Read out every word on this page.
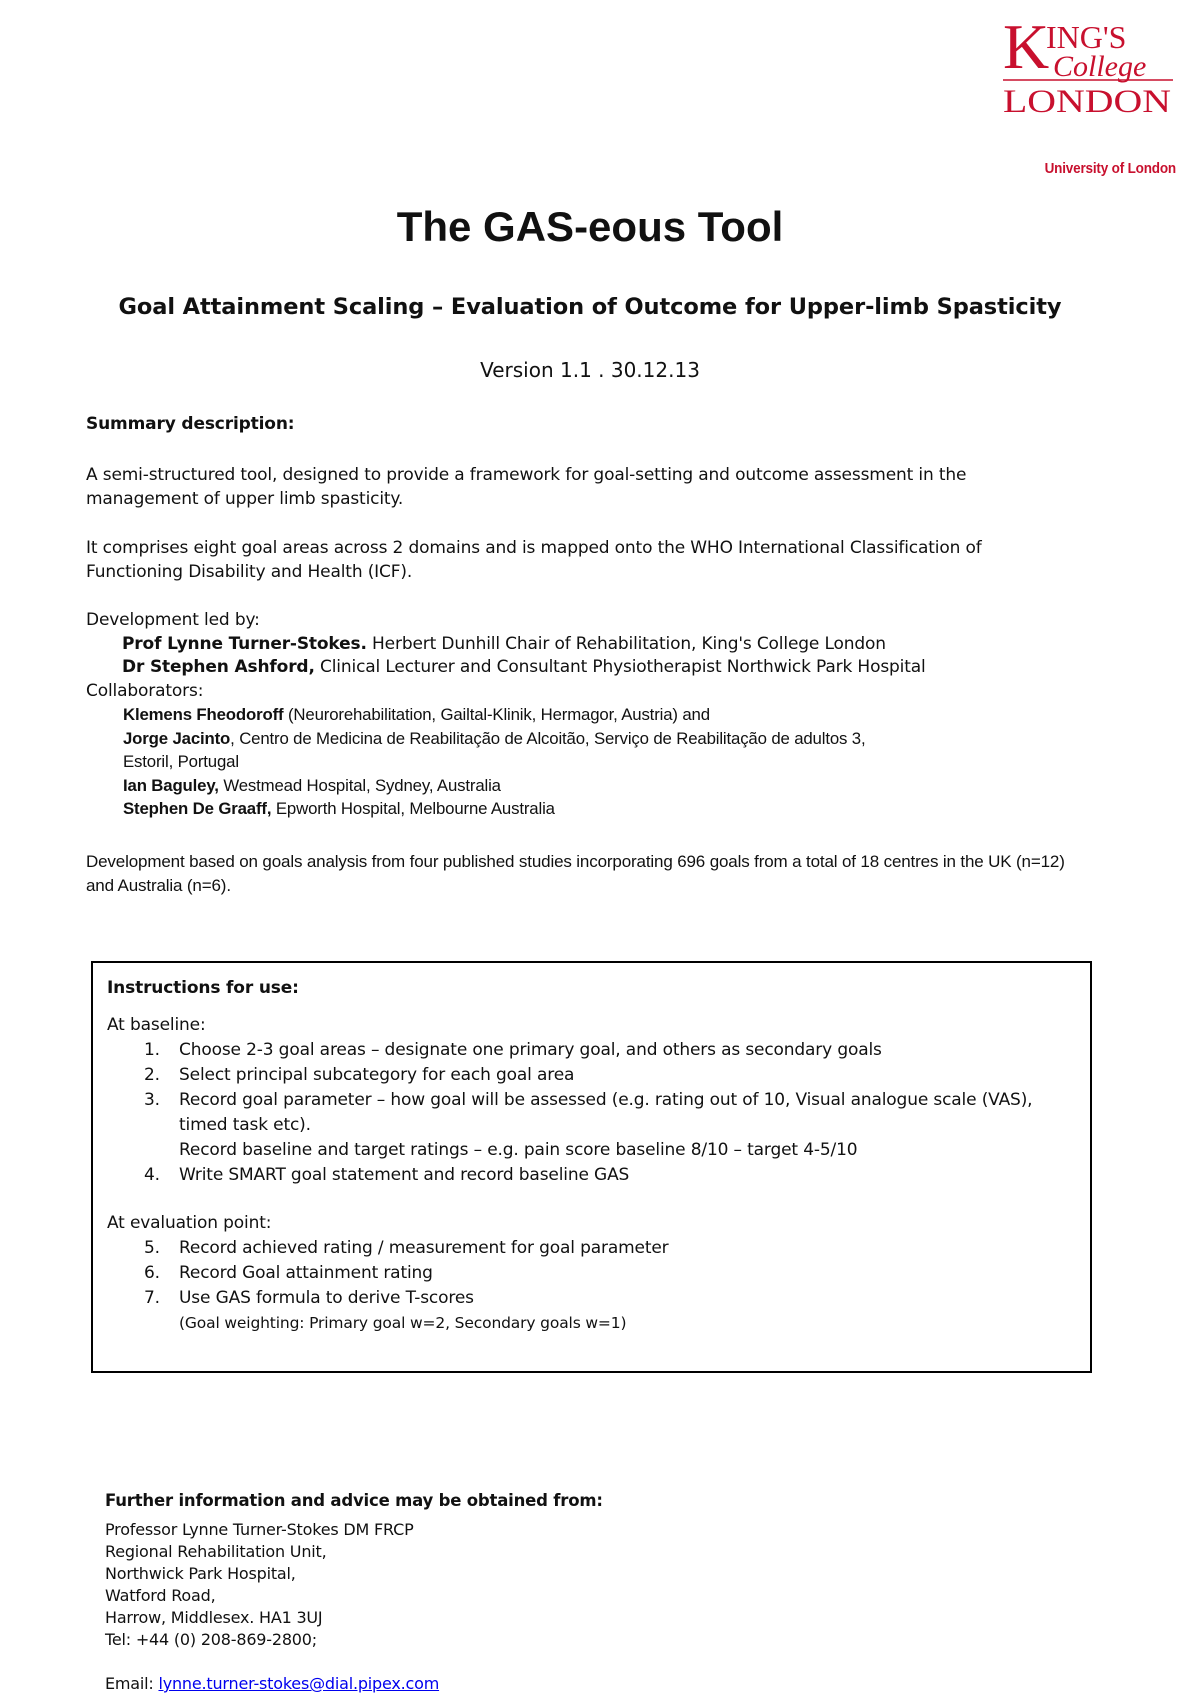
K
ING'S
College
LONDON
University of London
The GAS-eous Tool
Goal Attainment Scaling – Evaluation of Outcome for Upper-limb Spasticity
Version 1.1 . 30.12.13
Summary description:
A semi-structured tool, designed to provide a framework for goal-setting and outcome assessment in the management of upper limb spasticity.
It comprises eight goal areas across 2 domains and is mapped onto the WHO International Classification of Functioning Disability and Health (ICF).
Development led by:
Prof Lynne Turner-Stokes. Herbert Dunhill Chair of Rehabilitation, King's College London
Dr Stephen Ashford, Clinical Lecturer and Consultant Physiotherapist Northwick Park Hospital
Collaborators:
Klemens Fheodoroff (Neurorehabilitation, Gailtal-Klinik, Hermagor, Austria) and
Jorge Jacinto, Centro de Medicina de Reabilitação de Alcoitão, Serviço de Reabilitação de adultos 3,
Estoril, Portugal
Ian Baguley, Westmead Hospital, Sydney, Australia
Stephen De Graaff, Epworth Hospital, Melbourne Australia
Development based on goals analysis from four published studies incorporating 696 goals from a total of 18 centres in the UK (n=12) and Australia (n=6).
Instructions for use:
At baseline:
1. Choose 2-3 goal areas – designate one primary goal, and others as secondary goals
2. Select principal subcategory for each goal area
3. Record goal parameter – how goal will be assessed (e.g. rating out of 10, Visual analogue scale (VAS), timed task etc).
Record baseline and target ratings – e.g. pain score baseline 8/10 – target 4-5/10
4. Write SMART goal statement and record baseline GAS
At evaluation point:
5. Record achieved rating / measurement for goal parameter
6. Record Goal attainment rating
7. Use GAS formula to derive T-scores
(Goal weighting: Primary goal w=2, Secondary goals w=1)
Further information and advice may be obtained from:
Professor Lynne Turner-Stokes DM FRCP
Regional Rehabilitation Unit,
Northwick Park Hospital,
Watford Road,
Harrow, Middlesex. HA1 3UJ
Tel: +44 (0) 208-869-2800;
Email: lynne.turner-stokes@dial.pipex.com
